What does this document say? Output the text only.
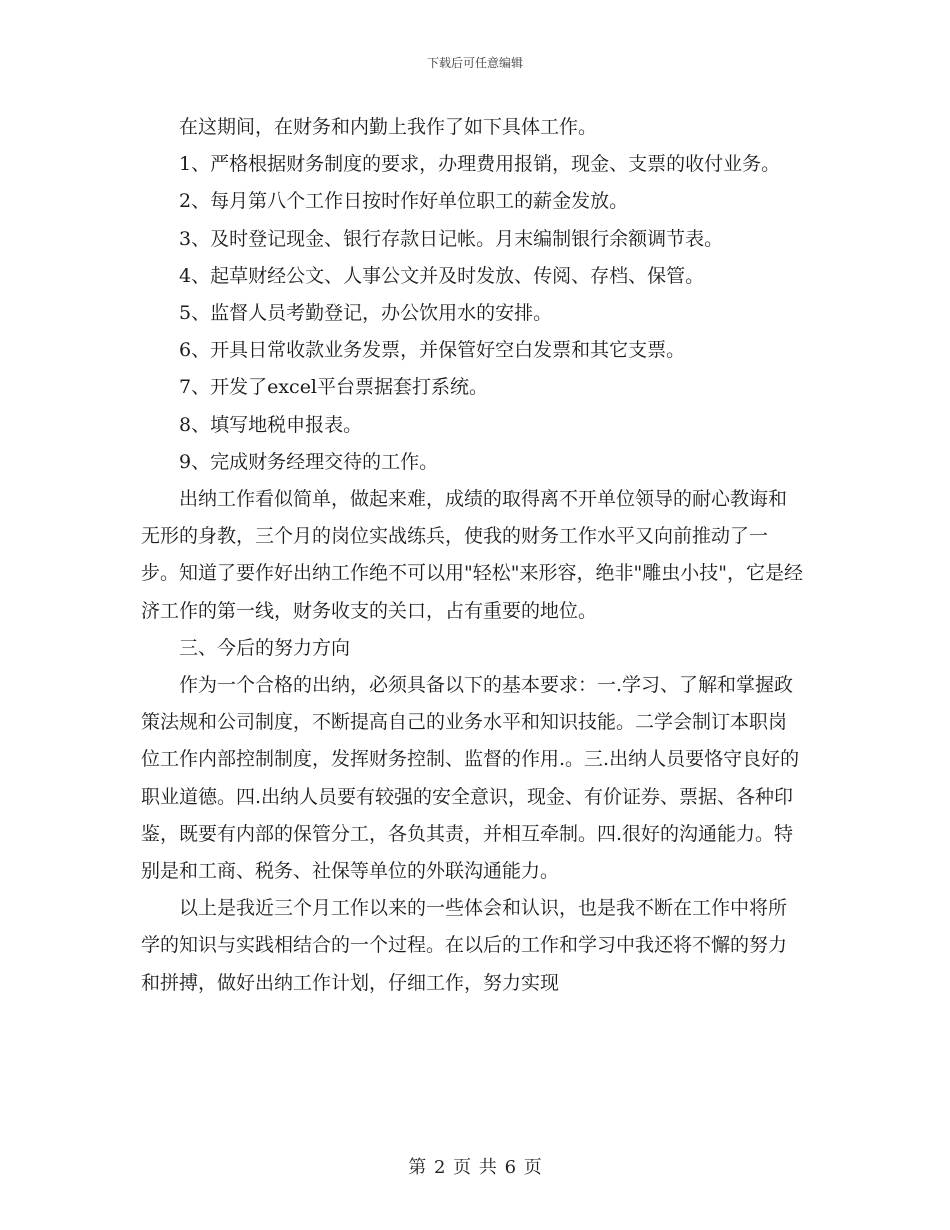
下载后可任意编辑

在这期间，在财务和内勤上我作了如下具体工作。

1、严格根据财务制度的要求，办理费用报销，现金、支票的收付业务。

2、每月第八个工作日按时作好单位职工的薪金发放。

3、及时登记现金、银行存款日记帐。月末编制银行余额调节表。

4、起草财经公文、人事公文并及时发放、传阅、存档、保管。

5、监督人员考勤登记，办公饮用水的安排。

6、开具日常收款业务发票，并保管好空白发票和其它支票。

7、开发了excel平台票据套打系统。

8、填写地税申报表。

9、完成财务经理交待的工作。

出纳工作看似简单，做起来难，成绩的取得离不开单位领导的耐心教诲和无形的身教，三个月的岗位实战练兵，使我的财务工作水平又向前推动了一步。知道了要作好出纳工作绝不可以用"轻松"来形容，绝非"雕虫小技"，它是经济工作的第一线，财务收支的关口，占有重要的地位。

三、今后的努力方向

作为一个合格的出纳，必须具备以下的基本要求：一.学习、了解和掌握政策法规和公司制度，不断提高自己的业务水平和知识技能。二学会制订本职岗位工作内部控制制度，发挥财务控制、监督的作用.。三.出纳人员要恪守良好的职业道德。四.出纳人员要有较强的安全意识，现金、有价证券、票据、各种印鉴，既要有内部的保管分工，各负其责，并相互牵制。四.很好的沟通能力。特别是和工商、税务、社保等单位的外联沟通能力。

以上是我近三个月工作以来的一些体会和认识，也是我不断在工作中将所学的知识与实践相结合的一个过程。在以后的工作和学习中我还将不懈的努力和拼搏，做好出纳工作计划，仔细工作，努力实现

第 2 页 共 6 页
